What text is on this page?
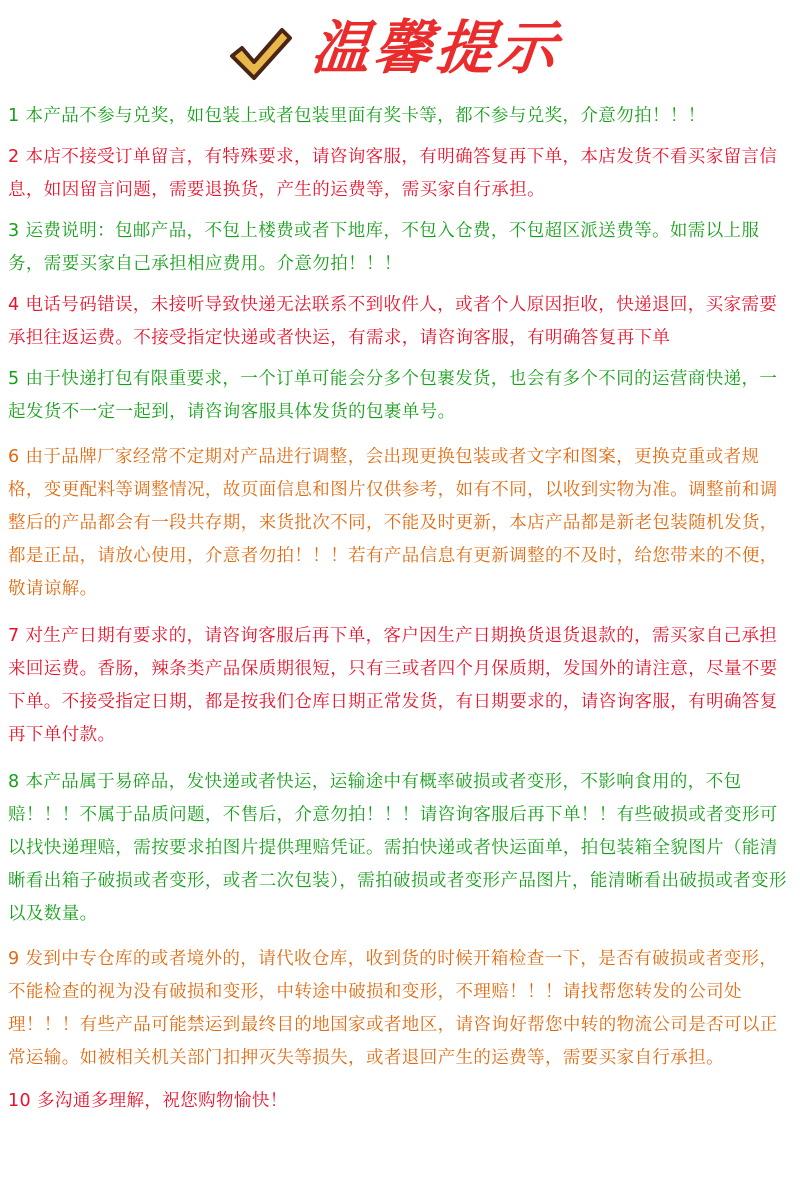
温馨提示

1 本产品不参与兑奖，如包装上或者包装里面有奖卡等，都不参与兑奖，介意勿拍！！！

2 本店不接受订单留言，有特殊要求，请咨询客服，有明确答复再下单，本店发货不看买家留言信息，如因留言问题，需要退换货，产生的运费等，需买家自行承担。

3 运费说明：包邮产品，不包上楼费或者下地库，不包入仓费，不包超区派送费等。如需以上服务，需要买家自己承担相应费用。介意勿拍！！！

4 电话号码错误，未接听导致快递无法联系不到收件人，或者个人原因拒收，快递退回，买家需要承担往返运费。不接受指定快递或者快运，有需求，请咨询客服，有明确答复再下单

5 由于快递打包有限重要求，一个订单可能会分多个包裹发货，也会有多个不同的运营商快递，一起发货不一定一起到，请咨询客服具体发货的包裹单号。

6 由于品牌厂家经常不定期对产品进行调整，会出现更换包装或者文字和图案，更换克重或者规格，变更配料等调整情况，故页面信息和图片仅供参考，如有不同，以收到实物为准。调整前和调整后的产品都会有一段共存期，来货批次不同，不能及时更新，本店产品都是新老包装随机发货，都是正品，请放心使用，介意者勿拍！！！若有产品信息有更新调整的不及时，给您带来的不便，敬请谅解。

7 对生产日期有要求的，请咨询客服后再下单，客户因生产日期换货退货退款的，需买家自己承担来回运费。香肠，辣条类产品保质期很短，只有三或者四个月保质期，发国外的请注意，尽量不要下单。不接受指定日期，都是按我们仓库日期正常发货，有日期要求的，请咨询客服，有明确答复再下单付款。

8 本产品属于易碎品，发快递或者快运，运输途中有概率破损或者变形，不影响食用的，不包赔！！！不属于品质问题，不售后，介意勿拍！！！请咨询客服后再下单！！有些破损或者变形可以找快递理赔，需按要求拍图片提供理赔凭证。需拍快递或者快运面单，拍包装箱全貌图片（能清晰看出箱子破损或者变形，或者二次包装），需拍破损或者变形产品图片，能清晰看出破损或者变形以及数量。

9 发到中专仓库的或者境外的，请代收仓库，收到货的时候开箱检查一下，是否有破损或者变形，不能检查的视为没有破损和变形，中转途中破损和变形，不理赔！！！请找帮您转发的公司处理！！！有些产品可能禁运到最终目的地国家或者地区，请咨询好帮您中转的物流公司是否可以正常运输。如被相关机关部门扣押灭失等损失，或者退回产生的运费等，需要买家自行承担。

10 多沟通多理解，祝您购物愉快！
